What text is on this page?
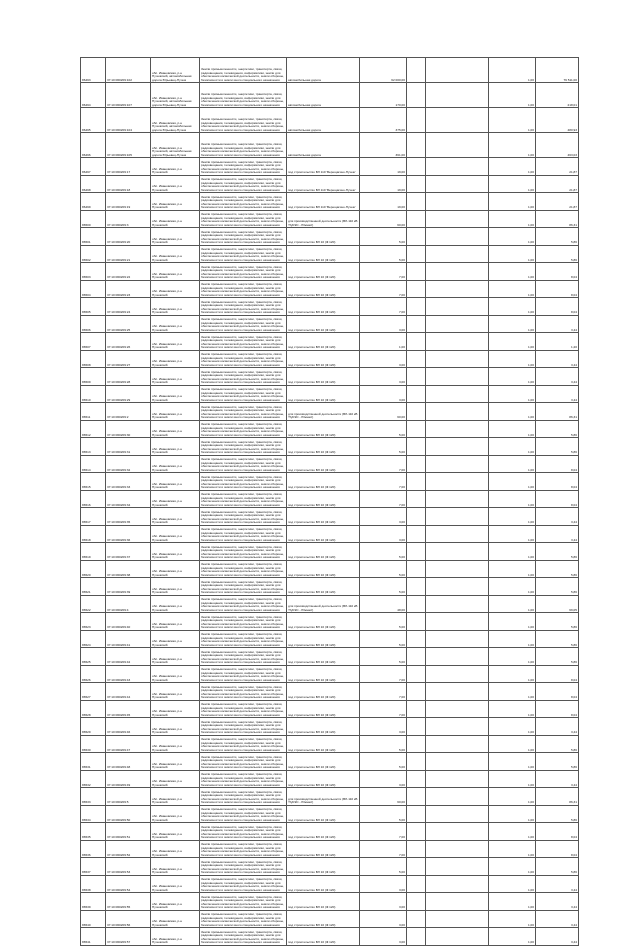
86493	37:10:060209:102	обл. Ивановская, р-н Пучежский, автомобильная дорога Юрьевец-Пучеж	Земли промышленности, энергетики, транспорта, связи, радиовещания, телевидения, информатики, земли для обеспечения космической деятельности, земли обороны, безопасности и земли иного специального назначения	автомобильная дорога	62 000,00			1,00	79 511,00
86494	37:10:060209:107	обл. Ивановская, р-н Пучежский, автомобильная дорога Юрьевец-Пучеж	Земли промышленности, энергетики, транспорта, связи, радиовещания, телевидения, информатики, земли для обеспечения космической деятельности, земли обороны, безопасности и земли иного специального назначения	автомобильная дорога	170,00			1,00	218,01
86495	37:10:060209:104	обл. Ивановская, р-н Пучежский, автомобильная дорога Юрьевец-Пучеж	Земли промышленности, энергетики, транспорта, связи, радиовещания, телевидения, информатики, земли для обеспечения космической деятельности, земли обороны, безопасности и земли иного специального назначения	автомобильная дорога	375,00			1,00	480,93
86496	37:10:060209:105	обл. Ивановская, р-н Пучежский, автомобильная дорога Юрьевец-Пучеж	Земли промышленности, энергетики, транспорта, связи, радиовещания, телевидения, информатики, земли для обеспечения космической деятельности, земли обороны, безопасности и земли иного специального назначения	автомобильная дорога	361,00			1,00	463,03
86497	37:10:060209:17	обл. Ивановская, р-н Пучежский	Земли промышленности, энергетики, транспорта, связи, радиовещания, телевидения, информатики, земли для обеспечения космической деятельности, земли обороны, безопасности и земли иного специального назначения	под строительство ВЛ 110 'Верещагино-Пучеж'	19,00			1,00	21,87
86498	37:10:060209:18	обл. Ивановская, р-н Пучежский	Земли промышленности, энергетики, транспорта, связи, радиовещания, телевидения, информатики, земли для обеспечения космической деятельности, земли обороны, безопасности и земли иного специального назначения	под строительство ВЛ 110 'Верещагино-Пучеж'	19,00			1,00	21,87
86499	37:10:060209:19	обл. Ивановская, р-н Пучежский	Земли промышленности, энергетики, транспорта, связи, радиовещания, телевидения, информатики, земли для обеспечения космической деятельности, земли обороны, безопасности и земли иного специального назначения	под строительство ВЛ 110 'Верещагино-Пучеж'	19,00			1,00	21,87
86500	37:10:060209:3	обл. Ивановская, р-н Пучежский	Земли промышленности, энергетики, транспорта, связи, радиовещания, телевидения, информатики, земли для обеспечения космической деятельности, земли обороны, безопасности и земли иного специального назначения	для производственной деятельности (ВЛ-110 кВ 'ПуКЭС - Южная')	60,00			1,00	86,31
86501	37:10:060209:20	обл. Ивановская, р-н Пучежский	Земли промышленности, энергетики, транспорта, связи, радиовещания, телевидения, информатики, земли для обеспечения космической деятельности, земли обороны, безопасности и земли иного специального назначения	под строительство ВЛ 10 (Ф 120)	5,00			1,00	5,86
86502	37:10:060209:21	обл. Ивановская, р-н Пучежский	Земли промышленности, энергетики, транспорта, связи, радиовещания, телевидения, информатики, земли для обеспечения космической деятельности, земли обороны, безопасности и земли иного специального назначения	под строительство ВЛ 10 (Ф 120)	5,00			1,00	5,86
86503	37:10:060209:22	обл. Ивановская, р-н Пучежский	Земли промышленности, энергетики, транспорта, связи, радиовещания, телевидения, информатики, земли для обеспечения космической деятельности, земли обороны, безопасности и земли иного специального назначения	под строительство ВЛ 10 (Ф 120)	7,00			1,00	8,04
86504	37:10:060209:23	обл. Ивановская, р-н Пучежский	Земли промышленности, энергетики, транспорта, связи, радиовещания, телевидения, информатики, земли для обеспечения космической деятельности, земли обороны, безопасности и земли иного специального назначения	под строительство ВЛ 10 (Ф 120)	7,00			1,00	8,04
86505	37:10:060209:24	обл. Ивановская, р-н Пучежский	Земли промышленности, энергетики, транспорта, связи, радиовещания, телевидения, информатики, земли для обеспечения космической деятельности, земли обороны, безопасности и земли иного специального назначения	под строительство ВЛ 10 (Ф 120)	7,00			1,00	8,04
86506	37:10:060209:25	обл. Ивановская, р-н Пучежский	Земли промышленности, энергетики, транспорта, связи, радиовещания, телевидения, информатики, земли для обеспечения космической деятельности, земли обороны, безопасности и земли иного специального назначения	под строительство ВЛ 10 (Ф 120)	3,00			1,00	3,44
86507	37:10:060209:26	обл. Ивановская, р-н Пучежский	Земли промышленности, энергетики, транспорта, связи, радиовещания, телевидения, информатики, земли для обеспечения космической деятельности, земли обороны, безопасности и земли иного специального назначения	под строительство ВЛ 10 (Ф 120)	1,00			1,00	1,20
86508	37:10:060209:27	обл. Ивановская, р-н Пучежский	Земли промышленности, энергетики, транспорта, связи, радиовещания, телевидения, информатики, земли для обеспечения космической деятельности, земли обороны, безопасности и земли иного специального назначения	под строительство ВЛ 10 (Ф 120)	3,00			1,00	3,44
86509	37:10:060209:28	обл. Ивановская, р-н Пучежский	Земли промышленности, энергетики, транспорта, связи, радиовещания, телевидения, информатики, земли для обеспечения космической деятельности, земли обороны, безопасности и земли иного специального назначения	под строительство ВЛ 10 (Ф 120)	3,00			1,00	3,44
86510	37:10:060209:29	обл. Ивановская, р-н Пучежский	Земли промышленности, энергетики, транспорта, связи, радиовещания, телевидения, информатики, земли для обеспечения космической деятельности, земли обороны, безопасности и земли иного специального назначения	под строительство ВЛ 10 (Ф 120)	3,00			1,00	3,44
86511	37:10:060209:2	обл. Ивановская, р-н Пучежский	Земли промышленности, энергетики, транспорта, связи, радиовещания, телевидения, информатики, земли для обеспечения космической деятельности, земли обороны, безопасности и земли иного специального назначения	для производственной деятельности (ВЛ-110 кВ 'ПуКЭС - Южная')	60,00			1,00	86,31
86512	37:10:060209:30	обл. Ивановская, р-н Пучежский	Земли промышленности, энергетики, транспорта, связи, радиовещания, телевидения, информатики, земли для обеспечения космической деятельности, земли обороны, безопасности и земли иного специального назначения	под строительство ВЛ 10 (Ф 120)	5,00			1,00	5,86
86513	37:10:060209:31	обл. Ивановская, р-н Пучежский	Земли промышленности, энергетики, транспорта, связи, радиовещания, телевидения, информатики, земли для обеспечения космической деятельности, земли обороны, безопасности и земли иного специального назначения	под строительство ВЛ 10 (Ф 120)	5,00			1,00	5,86
86514	37:10:060209:32	обл. Ивановская, р-н Пучежский	Земли промышленности, энергетики, транспорта, связи, радиовещания, телевидения, информатики, земли для обеспечения космической деятельности, земли обороны, безопасности и земли иного специального назначения	под строительство ВЛ 10 (Ф 120)	7,00			1,00	8,04
86515	37:10:060209:33	обл. Ивановская, р-н Пучежский	Земли промышленности, энергетики, транспорта, связи, радиовещания, телевидения, информатики, земли для обеспечения космической деятельности, земли обороны, безопасности и земли иного специального назначения	под строительство ВЛ 10 (Ф 120)	7,00			1,00	8,04
86516	37:10:060209:34	обл. Ивановская, р-н Пучежский	Земли промышленности, энергетики, транспорта, связи, радиовещания, телевидения, информатики, земли для обеспечения космической деятельности, земли обороны, безопасности и земли иного специального назначения	под строительство ВЛ 10 (Ф 120)	7,00			1,00	8,04
86517	37:10:060209:35	обл. Ивановская, р-н Пучежский	Земли промышленности, энергетики, транспорта, связи, радиовещания, телевидения, информатики, земли для обеспечения космической деятельности, земли обороны, безопасности и земли иного специального назначения	под строительство ВЛ 10 (Ф 120)	3,00			1,00	3,44
86518	37:10:060209:36	обл. Ивановская, р-н Пучежский	Земли промышленности, энергетики, транспорта, связи, радиовещания, телевидения, информатики, земли для обеспечения космической деятельности, земли обороны, безопасности и земли иного специального назначения	под строительство ВЛ 10 (Ф 120)	3,00			1,00	3,44
86519	37:10:060209:37	обл. Ивановская, р-н Пучежский	Земли промышленности, энергетики, транспорта, связи, радиовещания, телевидения, информатики, земли для обеспечения космической деятельности, земли обороны, безопасности и земли иного специального назначения	под строительство ВЛ 10 (Ф 120)	5,00			1,00	5,86
86520	37:10:060209:38	обл. Ивановская, р-н Пучежский	Земли промышленности, энергетики, транспорта, связи, радиовещания, телевидения, информатики, земли для обеспечения космической деятельности, земли обороны, безопасности и земли иного специального назначения	под строительство ВЛ 10 (Ф 120)	5,00			1,00	5,86
86521	37:10:060209:39	обл. Ивановская, р-н Пучежский	Земли промышленности, энергетики, транспорта, связи, радиовещания, телевидения, информатики, земли для обеспечения космической деятельности, земли обороны, безопасности и земли иного специального назначения	под строительство ВЛ 10 (Ф 120)	5,00			1,00	5,86
86522	37:10:060209:4	обл. Ивановская, р-н Пучежский	Земли промышленности, энергетики, транспорта, связи, радиовещания, телевидения, информатики, земли для обеспечения космической деятельности, земли обороны, безопасности и земли иного специального назначения	для производственной деятельности (ВЛ-110 кВ 'ПуКЭС - Южная')	48,00			1,00	69,05
86523	37:10:060209:40	обл. Ивановская, р-н Пучежский	Земли промышленности, энергетики, транспорта, связи, радиовещания, телевидения, информатики, земли для обеспечения космической деятельности, земли обороны, безопасности и земли иного специального назначения	под строительство ВЛ 10 (Ф 120)	5,00			1,00	5,86
86524	37:10:060209:41	обл. Ивановская, р-н Пучежский	Земли промышленности, энергетики, транспорта, связи, радиовещания, телевидения, информатики, земли для обеспечения космической деятельности, земли обороны, безопасности и земли иного специального назначения	под строительство ВЛ 10 (Ф 120)	5,00			1,00	5,86
86525	37:10:060209:42	обл. Ивановская, р-н Пучежский	Земли промышленности, энергетики, транспорта, связи, радиовещания, телевидения, информатики, земли для обеспечения космической деятельности, земли обороны, безопасности и земли иного специального назначения	под строительство ВЛ 10 (Ф 120)	5,00			1,00	5,86
86526	37:10:060209:43	обл. Ивановская, р-н Пучежский	Земли промышленности, энергетики, транспорта, связи, радиовещания, телевидения, информатики, земли для обеспечения космической деятельности, земли обороны, безопасности и земли иного специального назначения	под строительство ВЛ 10 (Ф 120)	7,00			1,00	8,04
86527	37:10:060209:44	обл. Ивановская, р-н Пучежский	Земли промышленности, энергетики, транспорта, связи, радиовещания, телевидения, информатики, земли для обеспечения космической деятельности, земли обороны, безопасности и земли иного специального назначения	под строительство ВЛ 10 (Ф 120)	7,00			1,00	8,04
86528	37:10:060209:45	обл. Ивановская, р-н Пучежский	Земли промышленности, энергетики, транспорта, связи, радиовещания, телевидения, информатики, земли для обеспечения космической деятельности, земли обороны, безопасности и земли иного специального назначения	под строительство ВЛ 10 (Ф 120)	7,00			1,00	8,04
86529	37:10:060209:46	обл. Ивановская, р-н Пучежский	Земли промышленности, энергетики, транспорта, связи, радиовещания, телевидения, информатики, земли для обеспечения космической деятельности, земли обороны, безопасности и земли иного специального назначения	под строительство ВЛ 10 (Ф 120)	3,00			1,00	3,44
86530	37:10:060209:47	обл. Ивановская, р-н Пучежский	Земли промышленности, энергетики, транспорта, связи, радиовещания, телевидения, информатики, земли для обеспечения космической деятельности, земли обороны, безопасности и земли иного специального назначения	под строительство ВЛ 10 (Ф 120)	5,00			1,00	5,86
86531	37:10:060209:48	обл. Ивановская, р-н Пучежский	Земли промышленности, энергетики, транспорта, связи, радиовещания, телевидения, информатики, земли для обеспечения космической деятельности, земли обороны, безопасности и земли иного специального назначения	под строительство ВЛ 10 (Ф 120)	5,00			1,00	5,86
86532	37:10:060209:49	обл. Ивановская, р-н Пучежский	Земли промышленности, энергетики, транспорта, связи, радиовещания, телевидения, информатики, земли для обеспечения космической деятельности, земли обороны, безопасности и земли иного специального назначения	под строительство ВЛ 10 (Ф 120)	3,00			1,00	3,44
86533	37:10:060209:5	обл. Ивановская, р-н Пучежский	Земли промышленности, энергетики, транспорта, связи, радиовещания, телевидения, информатики, земли для обеспечения космической деятельности, земли обороны, безопасности и земли иного специального назначения	для производственной деятельности (ВЛ-110 кВ 'ПуКЭС - Южная')	60,00			1,00	86,31
86534	37:10:060209:50	обл. Ивановская, р-н Пучежский	Земли промышленности, энергетики, транспорта, связи, радиовещания, телевидения, информатики, земли для обеспечения космической деятельности, земли обороны, безопасности и земли иного специального назначения	под строительство ВЛ 10 (Ф 120)	5,00			1,00	5,86
86535	37:10:060209:51	обл. Ивановская, р-н Пучежский	Земли промышленности, энергетики, транспорта, связи, радиовещания, телевидения, информатики, земли для обеспечения космической деятельности, земли обороны, безопасности и земли иного специального назначения	под строительство ВЛ 10 (Ф 120)	7,00			1,00	8,04
86536	37:10:060209:52	обл. Ивановская, р-н Пучежский	Земли промышленности, энергетики, транспорта, связи, радиовещания, телевидения, информатики, земли для обеспечения космической деятельности, земли обороны, безопасности и земли иного специального назначения	под строительство ВЛ 10 (Ф 120)	7,00			1,00	8,04
86537	37:10:060209:53	обл. Ивановская, р-н Пучежский	Земли промышленности, энергетики, транспорта, связи, радиовещания, телевидения, информатики, земли для обеспечения космической деятельности, земли обороны, безопасности и земли иного специального назначения	под строительство ВЛ 10 (Ф 120)	5,00			1,00	5,86
86538	37:10:060209:54	обл. Ивановская, р-н Пучежский	Земли промышленности, энергетики, транспорта, связи, радиовещания, телевидения, информатики, земли для обеспечения космической деятельности, земли обороны, безопасности и земли иного специального назначения	под строительство ВЛ 10 (Ф 120)	3,00			1,00	3,44
86539	37:10:060209:55	обл. Ивановская, р-н Пучежский	Земли промышленности, энергетики, транспорта, связи, радиовещания, телевидения, информатики, земли для обеспечения космической деятельности, земли обороны, безопасности и земли иного специального назначения	под строительство ВЛ 10 (Ф 120)	3,00			1,00	3,44
86540	37:10:060209:56	обл. Ивановская, р-н Пучежский	Земли промышленности, энергетики, транспорта, связи, радиовещания, телевидения, информатики, земли для обеспечения космической деятельности, земли обороны, безопасности и земли иного специального назначения	под строительство ВЛ 10 (Ф 120)	3,00			1,00	3,44
86541	37:10:060209:57	обл. Ивановская, р-н Пучежский	Земли промышленности, энергетики, транспорта, связи, радиовещания, телевидения, информатики, земли для обеспечения космической деятельности, земли обороны, безопасности и земли иного специального назначения	под строительство ВЛ 10 (Ф 120)	3,00			1,00	3,44
